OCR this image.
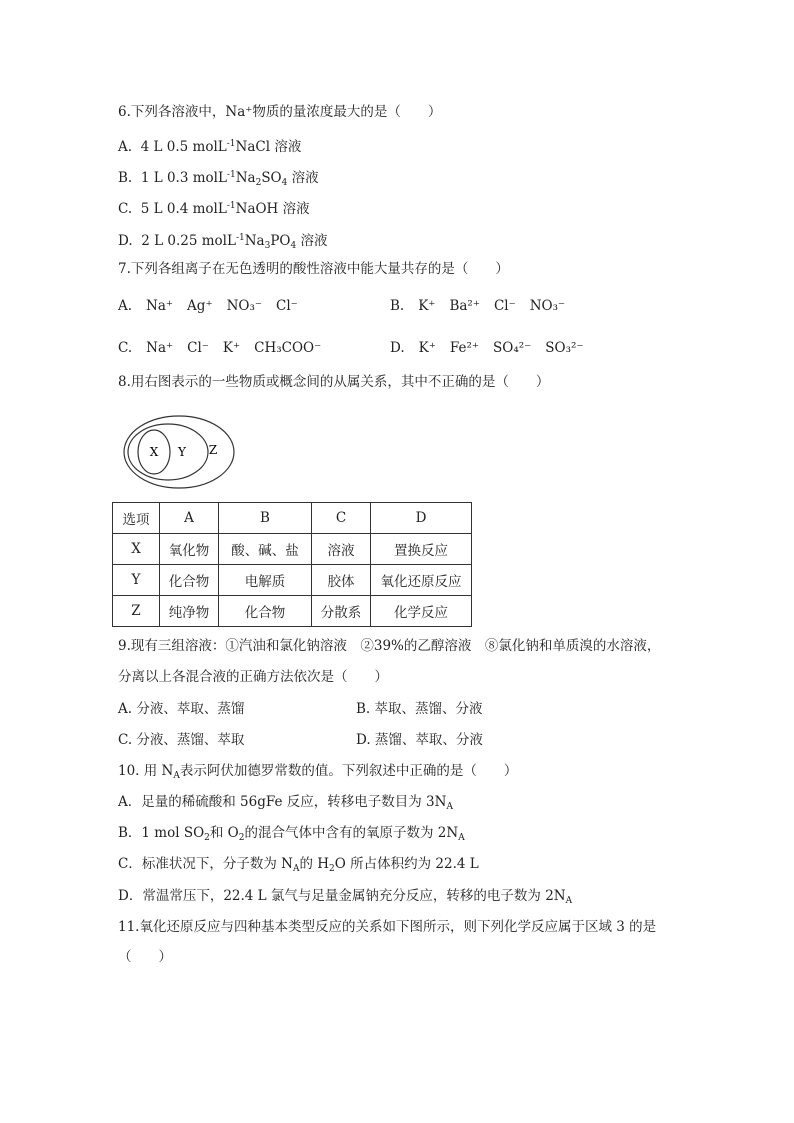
6.下列各溶液中，Na⁺物质的量浓度最大的是（　　）
A. 4 L 0.5 molL$^{-1}$NaCl 溶液
B. 1 L 0.3 $molL^{-1}Na_2SO_4$ 溶液
C. 5 L 0.4 molL$^{-1}$NaOH 溶液
D. 2 L 0.25 $molL^{-1}Na_3PO_4$ 溶液
7.下列各组离子在无色透明的酸性溶液中能大量共存的是（　　）
A. Na⁺ Ag⁺ NO₃⁻ Cl⁻	B. K⁺ Ba²⁺ Cl⁻ NO₃⁻
C. Na⁺ Cl⁻ K⁺ CH₃COO⁻	D. K⁺ Fe²⁺ SO₄²⁻ SO₃²⁻
8.用右图表示的一些物质或概念间的从属关系，其中不正确的是（　　）
X Y Z
选项	A	B	C	D
X	氧化物	酸、碱、盐	溶液	置换反应
Y	化合物	电解质	胶体	氧化还原反应
Z	纯净物	化合物	分散系	化学反应
9.现有三组溶液：①汽油和氯化钠溶液　②39%的乙醇溶液　⑧氯化钠和单质溴的水溶液，
分离以上各混合液的正确方法依次是（　　）
A. 分液、萃取、蒸馏	B. 萃取、蒸馏、分液
C. 分液、蒸馏、萃取	D. 蒸馏、萃取、分液
10. 用 $N_A$表示阿伏加德罗常数的值。下列叙述中正确的是（　　）
A．足量的稀硫酸和 56gFe 反应，转移电子数目为 $3N_A$
B．1 mol $SO_2$和 $O_2$的混合气体中含有的氧原子数为 $2N_A$
C．标准状况下，分子数为 $N_A$的 $H_2O$ 所占体积约为 22.4 L
D．常温常压下，22.4 L 氯气与足量金属钠充分反应，转移的电子数为 $2N_A$
11.氧化还原反应与四种基本类型反应的关系如下图所示，则下列化学反应属于区域 3 的是
（　　）
